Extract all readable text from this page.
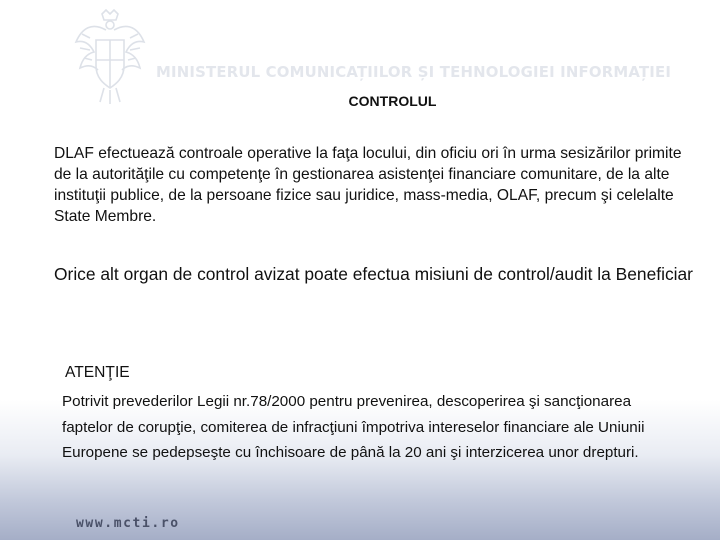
MINISTERUL COMUNICAȚIILOR ȘI TEHNOLOGIEI INFORMAȚIEI
CONTROLUL
DLAF efectuează controale operative la faţa locului, din oficiu ori în urma sesizărilor primite de la autorităţile cu competenţe în gestionarea asistenţei financiare comunitare, de la alte instituţii publice, de la persoane fizice sau juridice, mass-media, OLAF, precum şi celelalte State Membre.
Orice alt organ de control avizat poate efectua misiuni de control/audit la Beneficiar
ATENŢIE
Potrivit prevederilor Legii nr.78/2000 pentru prevenirea, descoperirea şi sancţionarea faptelor de corupţie, comiterea de infracţiuni împotriva intereselor financiare ale Uniunii Europene se pedepseşte cu închisoare de până la 20 ani şi interzicerea unor drepturi.
www.mcti.ro
